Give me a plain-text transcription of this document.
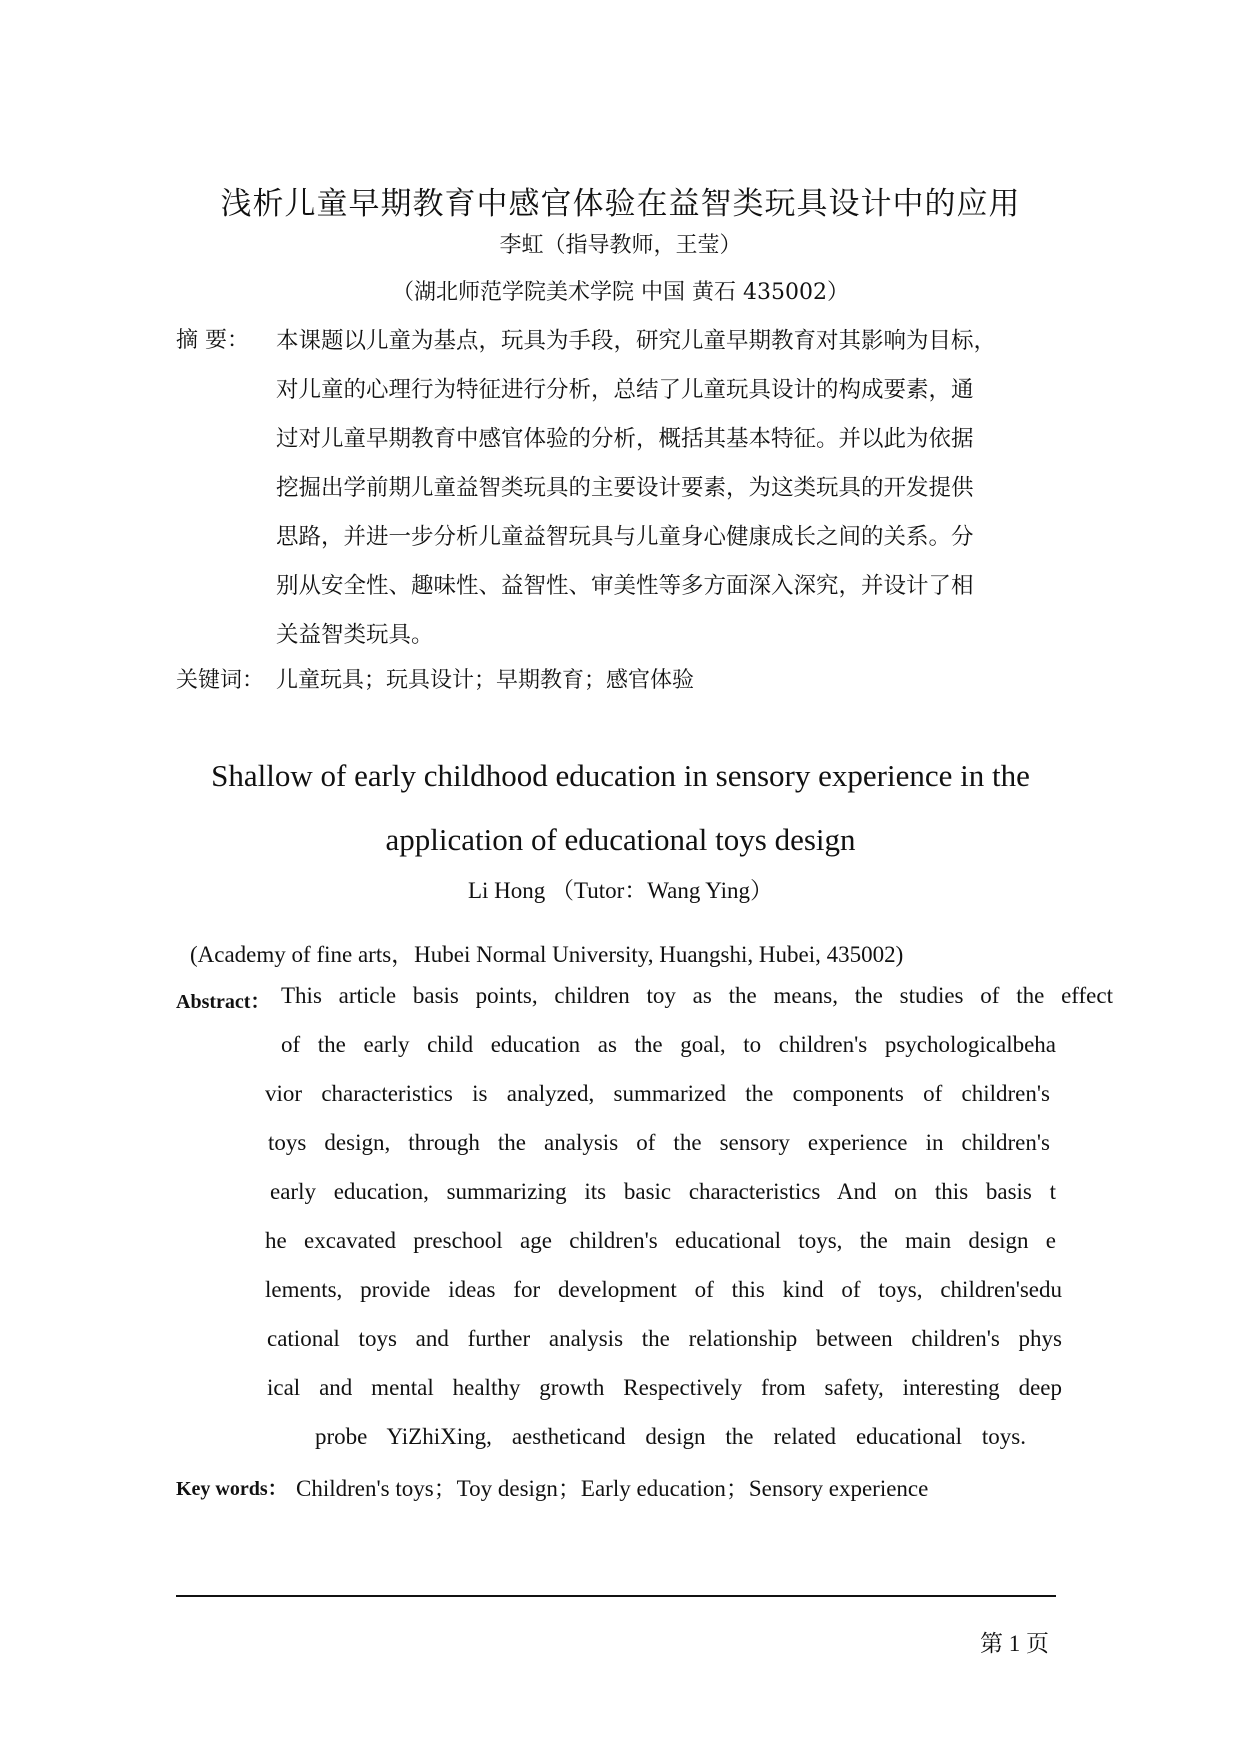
浅析儿童早期教育中感官体验在益智类玩具设计中的应用
李虹（指导教师，王莹）
（湖北师范学院美术学院 中国 黄石 435002）
摘 要： 本课题以儿童为基点，玩具为手段，研究儿童早期教育对其影响为目标，
对儿童的心理行为特征进行分析，总结了儿童玩具设计的构成要素，通
过对儿童早期教育中感官体验的分析，概括其基本特征。并以此为依据
挖掘出学前期儿童益智类玩具的主要设计要素，为这类玩具的开发提供
思路，并进一步分析儿童益智玩具与儿童身心健康成长之间的关系。分
别从安全性、趣味性、益智性、审美性等多方面深入深究，并设计了相
关益智类玩具。
关键词： 儿童玩具；玩具设计；早期教育；感官体验
Shallow of early childhood education in sensory experience in the
application of educational toys design
Li Hong （Tutor：Wang Ying）
(Academy of fine arts，Hubei Normal University, Huangshi, Hubei, 435002)
Abstract： This article basis points, children toy as the means, the studies of the effect
of the early child education as the goal, to children's psychologicalbeha
vior characteristics is analyzed, summarized the components of children's
toys design, through the analysis of the sensory experience in children's
early education, summarizing its basic characteristics And on this basis t
he excavated preschool age children's educational toys, the main design e
lements, provide ideas for development of this kind of toys, children'sedu
cational toys and further analysis the relationship between children's phys
ical and mental healthy growth Respectively from safety, interesting deep
probe YiZhiXing, aestheticand design the related educational toys.
Key words： Children's toys；Toy design；Early education；Sensory experience
第 1 页
